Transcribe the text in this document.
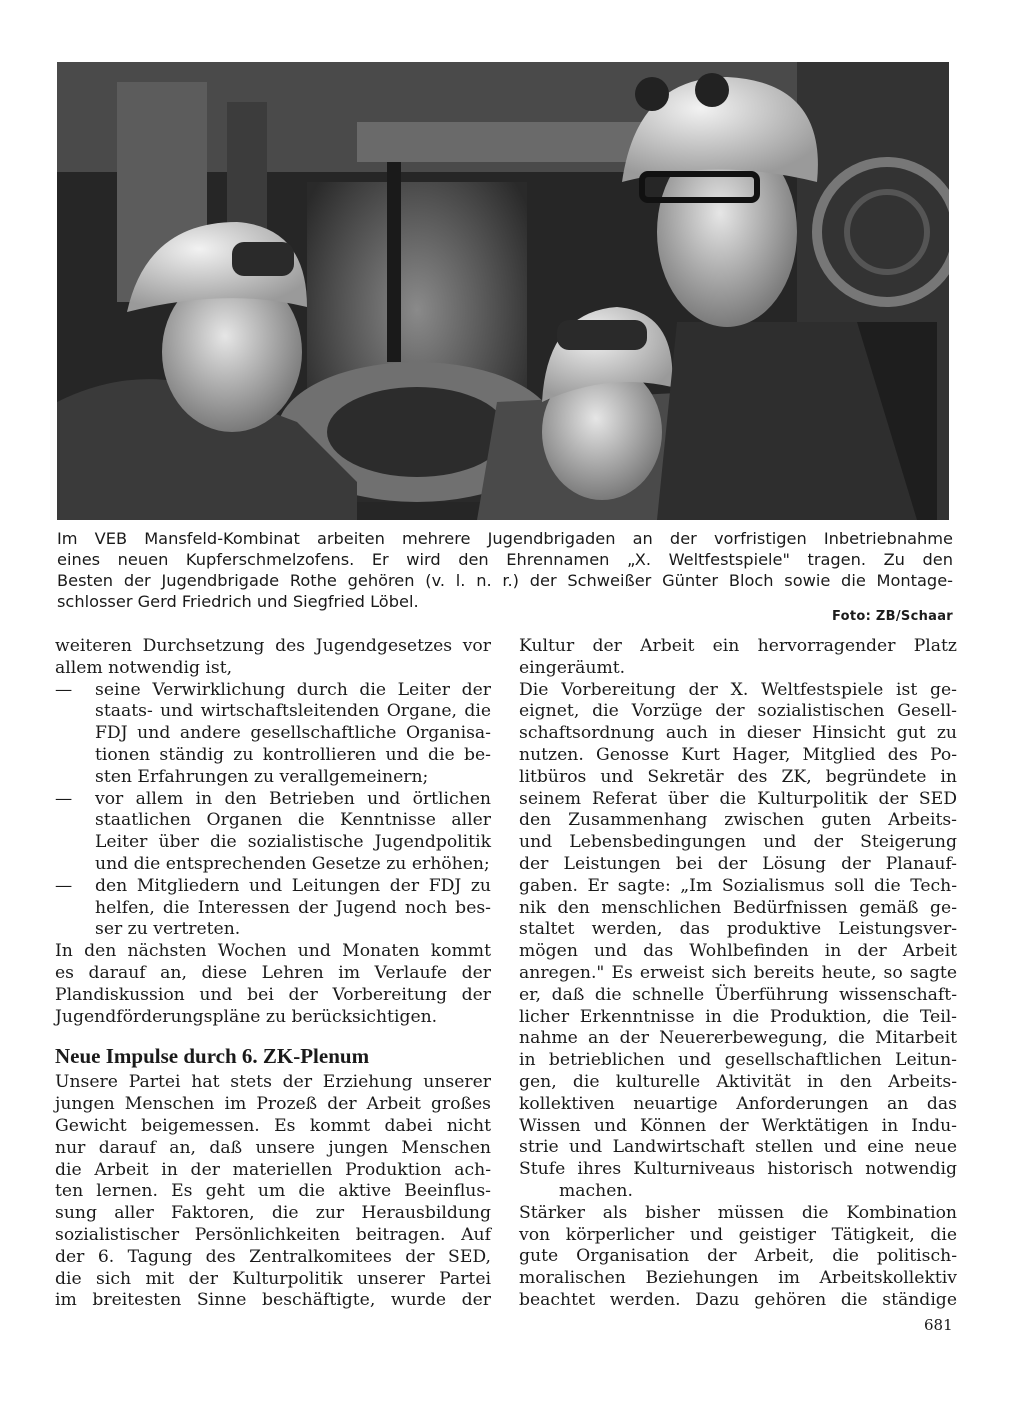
Im VEB Mansfeld-Kombinat arbeiten mehrere Jugendbrigaden an der vorfristigen Inbetriebnahme
eines neuen Kupferschmelzofens. Er wird den Ehrennamen „X. Weltfestspiele" tragen. Zu den
Besten der Jugendbrigade Rothe gehören (v. l. n. r.) der Schweißer Günter Bloch sowie die Montage-
schlosser Gerd Friedrich und Siegfried Löbel.
Foto: ZB/Schaar
weiteren Durchsetzung des Jugendgesetzes vor
allem notwendig ist,
— seine Verwirklichung durch die Leiter der
staats- und wirtschaftsleitenden Organe, die
FDJ und andere gesellschaftliche Organisa-
tionen ständig zu kontrollieren und die be-
sten Erfahrungen zu verallgemeinern;
— vor allem in den Betrieben und örtlichen
staatlichen Organen die Kenntnisse aller
Leiter über die sozialistische Jugendpolitik
und die entsprechenden Gesetze zu erhöhen;
— den Mitgliedern und Leitungen der FDJ zu
helfen, die Interessen der Jugend noch bes-
ser zu vertreten.
In den nächsten Wochen und Monaten kommt
es darauf an, diese Lehren im Verlaufe der
Plandiskussion und bei der Vorbereitung der
Jugendförderungspläne zu berücksichtigen.
Neue Impulse durch 6. ZK-Plenum
Unsere Partei hat stets der Erziehung unserer
jungen Menschen im Prozeß der Arbeit großes
Gewicht beigemessen. Es kommt dabei nicht
nur darauf an, daß unsere jungen Menschen
die Arbeit in der materiellen Produktion ach-
ten lernen. Es geht um die aktive Beeinflus-
sung aller Faktoren, die zur Herausbildung
sozialistischer Persönlichkeiten beitragen. Auf
der 6. Tagung des Zentralkomitees der SED,
die sich mit der Kulturpolitik unserer Partei
im breitesten Sinne beschäftigte, wurde der
Kultur der Arbeit ein hervorragender Platz
eingeräumt.
Die Vorbereitung der X. Weltfestspiele ist ge-
eignet, die Vorzüge der sozialistischen Gesell-
schaftsordnung auch in dieser Hinsicht gut zu
nutzen. Genosse Kurt Hager, Mitglied des Po-
litbüros und Sekretär des ZK, begründete in
seinem Referat über die Kulturpolitik der SED
den Zusammenhang zwischen guten Arbeits-
und Lebensbedingungen und der Steigerung
der Leistungen bei der Lösung der Planauf-
gaben. Er sagte: „Im Sozialismus soll die Tech-
nik den menschlichen Bedürfnissen gemäß ge-
staltet werden, das produktive Leistungsver-
mögen und das Wohlbefinden in der Arbeit
anregen." Es erweist sich bereits heute, so sagte
er, daß die schnelle Überführung wissenschaft-
licher Erkenntnisse in die Produktion, die Teil-
nahme an der Neuererbewegung, die Mitarbeit
in betrieblichen und gesellschaftlichen Leitun-
gen, die kulturelle Aktivität in den Arbeits-
kollektiven neuartige Anforderungen an das
Wissen und Können der Werktätigen in Indu-
strie und Landwirtschaft stellen und eine neue
Stufe ihres Kulturniveaus historisch notwendig
machen.
Stärker als bisher müssen die Kombination
von körperlicher und geistiger Tätigkeit, die
gute Organisation der Arbeit, die politisch-
moralischen Beziehungen im Arbeitskollektiv
beachtet werden. Dazu gehören die ständige
681
